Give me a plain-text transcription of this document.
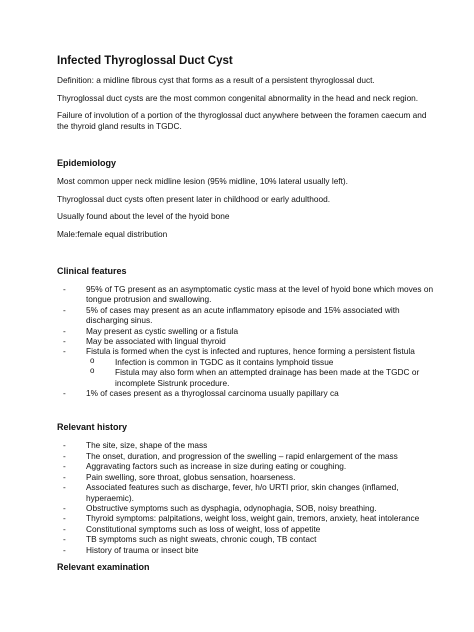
Infected Thyroglossal Duct Cyst

Definition: a midline fibrous cyst that forms as a result of a persistent thyroglossal duct.

Thyroglossal duct cysts are the most common congenital abnormality in the head and neck region.

Failure of involution of a portion of the thyroglossal duct anywhere between the foramen caecum and the thyroid gland results in TGDC.

Epidemiology

Most common upper neck midline lesion (95% midline, 10% lateral usually left).

Thyroglossal duct cysts often present later in childhood or early adulthood.

Usually found about the level of the hyoid bone

Male:female equal distribution

Clinical features
- 95% of TG present as an asymptomatic cystic mass at the level of hyoid bone which moves on tongue protrusion and swallowing.
- 5% of cases may present as an acute inflammatory episode and 15% associated with discharging sinus.
- May present as cystic swelling or a fistula
- May be associated with lingual thyroid
- Fistula is formed when the cyst is infected and ruptures, hence forming a persistent fistula
o Infection is common in TGDC as it contains lymphoid tissue
o Fistula may also form when an attempted drainage has been made at the TGDC or incomplete Sistrunk procedure.
- 1% of cases present as a thyroglossal carcinoma usually papillary ca
Relevant history
- The site, size, shape of the mass
- The onset, duration, and progression of the swelling – rapid enlargement of the mass
- Aggravating factors such as increase in size during eating or coughing.
- Pain swelling, sore throat, globus sensation, hoarseness.
- Associated features such as discharge, fever, h/o URTI prior, skin changes (inflamed, hyperaemic).
- Obstructive symptoms such as dysphagia, odynophagia, SOB, noisy breathing.
- Thyroid symptoms: palpitations, weight loss, weight gain, tremors, anxiety, heat intolerance
- Constitutional symptoms such as loss of weight, loss of appetite
- TB symptoms such as night sweats, chronic cough, TB contact
- History of trauma or insect bite
Relevant examination
